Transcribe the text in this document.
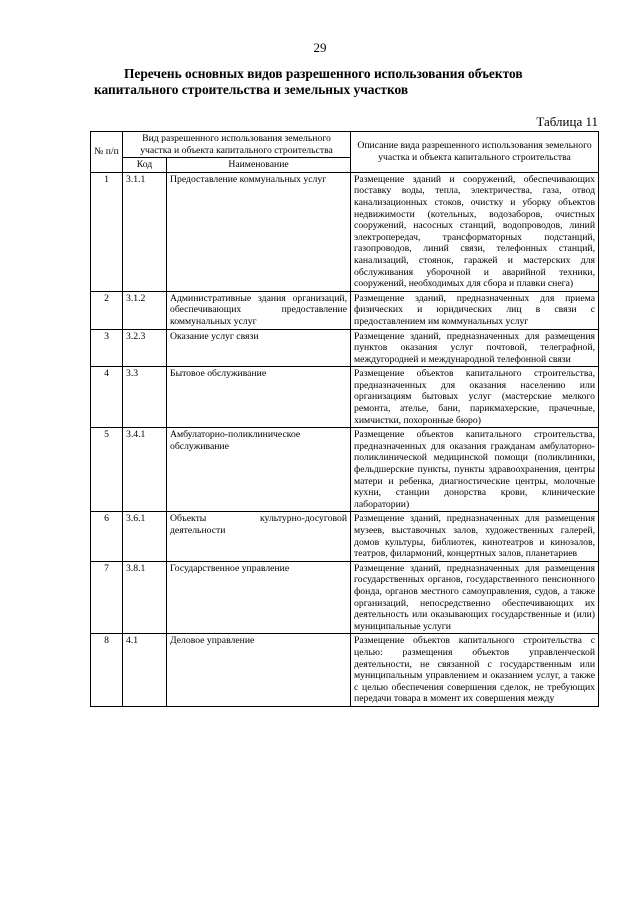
29
Перечень основных видов разрешенного использования объектов
капитального строительства и земельных участков
Таблица 11
№ п/п	Вид разрешенного использования земельного участка и объекта капитального строительства		Описание вида разрешенного использования земельного участка и объекта капитального строительства
	Код	Наименование	
1	3.1.1	Предоставление коммунальных услуг	Размещение зданий и сооружений, обеспечивающих поставку воды, тепла, электричества, газа, отвод канализационных стоков, очистку и уборку объектов недвижимости (котельных, водозаборов, очистных сооружений, насосных станций, водопроводов, линий электропередач, трансформаторных подстанций, газопроводов, линий связи, телефонных станций, канализаций, стоянок, гаражей и мастерских для обслуживания уборочной и аварийной техники, сооружений, необходимых для сбора и плавки снега)
2	3.1.2	Административные здания организаций, обеспечивающих предоставление коммунальных услуг	Размещение зданий, предназначенных для приема физических и юридических лиц в связи с предоставлением им коммунальных услуг
3	3.2.3	Оказание услуг связи	Размещение зданий, предназначенных для размещения пунктов оказания услуг почтовой, телеграфной, междугородней и международной телефонной связи
4	3.3	Бытовое обслуживание	Размещение объектов капитального строительства, предназначенных для оказания населению или организациям бытовых услуг (мастерские мелкого ремонта, ателье, бани, парикмахерские, прачечные, химчистки, похоронные бюро)
5	3.4.1	Амбулаторно-поликлиническое обслуживание	Размещение объектов капитального строительства, предназначенных для оказания гражданам амбулаторно-поликлинической медицинской помощи (поликлиники, фельдшерские пункты, пункты здравоохранения, центры матери и ребенка, диагностические центры, молочные кухни, станции донорства крови, клинические лаборатории)
6	3.6.1	Объекты культурно-досуговой деятельности	Размещение зданий, предназначенных для размещения музеев, выставочных залов, художественных галерей, домов культуры, библиотек, кинотеатров и кинозалов, театров, филармоний, концертных залов, планетариев
7	3.8.1	Государственное управление	Размещение зданий, предназначенных для размещения государственных органов, государственного пенсионного фонда, органов местного самоуправления, судов, а также организаций, непосредственно обеспечивающих их деятельность или оказывающих государственные и (или) муниципальные услуги
8	4.1	Деловое управление	Размещение объектов капитального строительства с целью: размещения объектов управленческой деятельности, не связанной с государственным или муниципальным управлением и оказанием услуг, а также с целью обеспечения совершения сделок, не требующих передачи товара в момент их совершения между
